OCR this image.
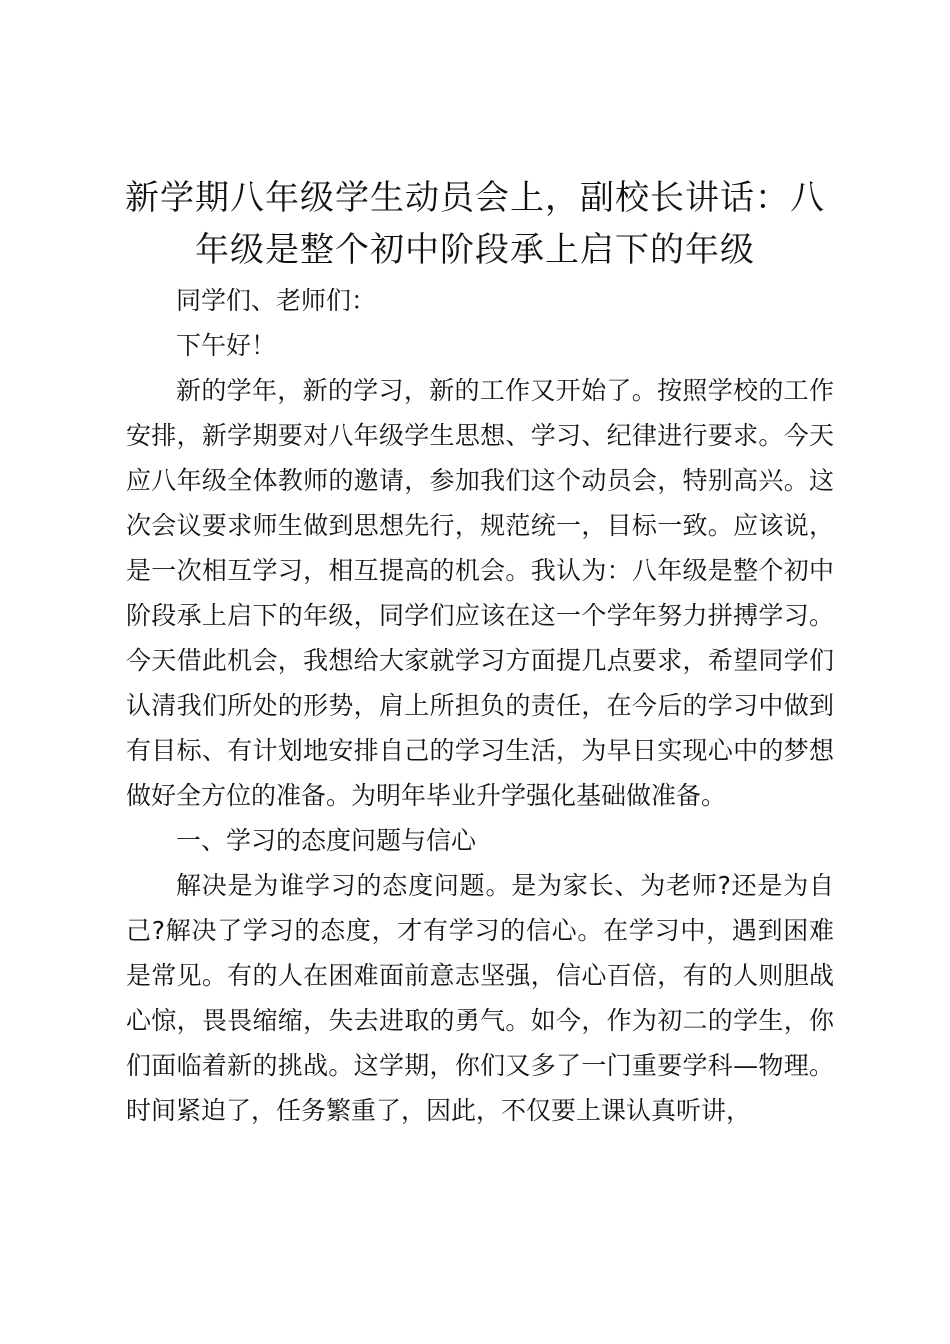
新学期八年级学生动员会上，副校长讲话：八年级是整个初中阶段承上启下的年级

同学们、老师们：

下午好！

新的学年，新的学习，新的工作又开始了。按照学校的工作安排，新学期要对八年级学生思想、学习、纪律进行要求。今天应八年级全体教师的邀请，参加我们这个动员会，特别高兴。这次会议要求师生做到思想先行，规范统一，目标一致。应该说，是一次相互学习，相互提高的机会。我认为：八年级是整个初中阶段承上启下的年级，同学们应该在这一个学年努力拼搏学习。今天借此机会，我想给大家就学习方面提几点要求，希望同学们认清我们所处的形势，肩上所担负的责任，在今后的学习中做到有目标、有计划地安排自己的学习生活，为早日实现心中的梦想做好全方位的准备。为明年毕业升学强化基础做准备。

一、学习的态度问题与信心

解决是为谁学习的态度问题。是为家长、为老师?还是为自己?解决了学习的态度，才有学习的信心。在学习中，遇到困难是常见。有的人在困难面前意志坚强，信心百倍，有的人则胆战心惊，畏畏缩缩，失去进取的勇气。如今，作为初二的学生，你们面临着新的挑战。这学期，你们又多了一门重要学科—物理。时间紧迫了，任务繁重了，因此，不仅要上课认真听讲，
